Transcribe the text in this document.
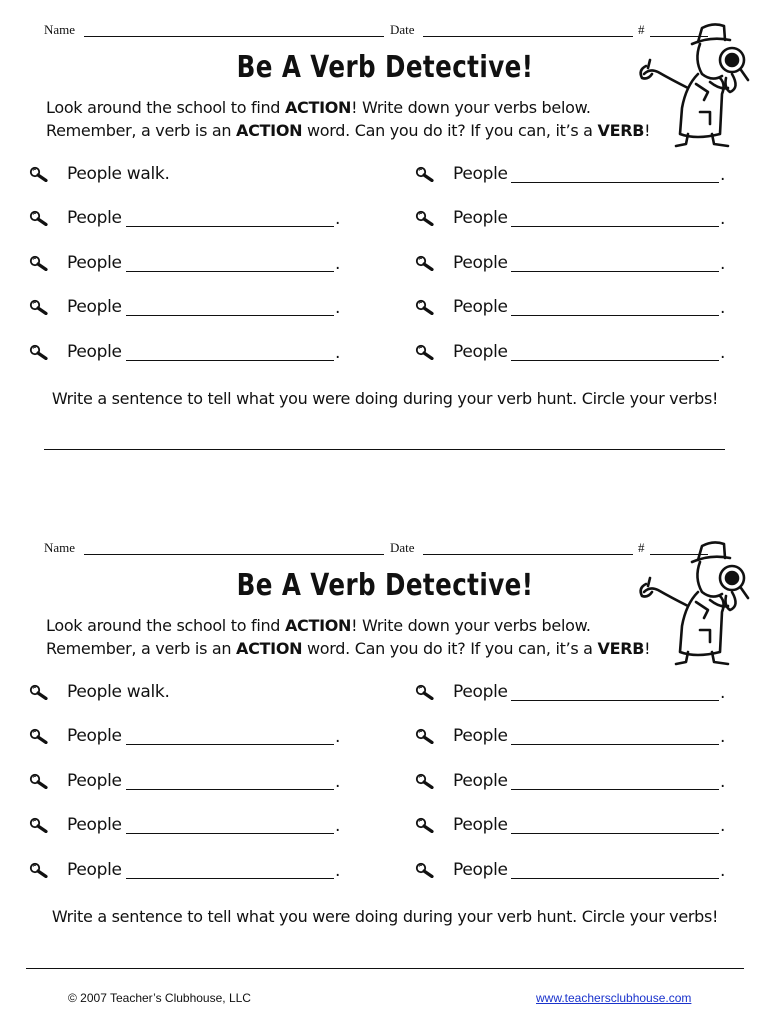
Name	Date	#
Be A Verb Detective!
Look around the school to find ACTION! Write down your verbs below.
Remember, a verb is an ACTION word. Can you do it? If you can, it’s a VERB!
People walk.
People	.
People	.
People	.
People	.
People	.
People	.
People	.
People	.
People	.
Write a sentence to tell what you were doing during your verb hunt. Circle your verbs!
Name	Date	#
Be A Verb Detective!
Look around the school to find ACTION! Write down your verbs below.
Remember, a verb is an ACTION word. Can you do it? If you can, it’s a VERB!
People walk.
People	.
People	.
People	.
People	.
People	.
People	.
People	.
People	.
People	.
Write a sentence to tell what you were doing during your verb hunt. Circle your verbs!
© 2007 Teacher’s Clubhouse, LLC	www.teachersclubhouse.com
